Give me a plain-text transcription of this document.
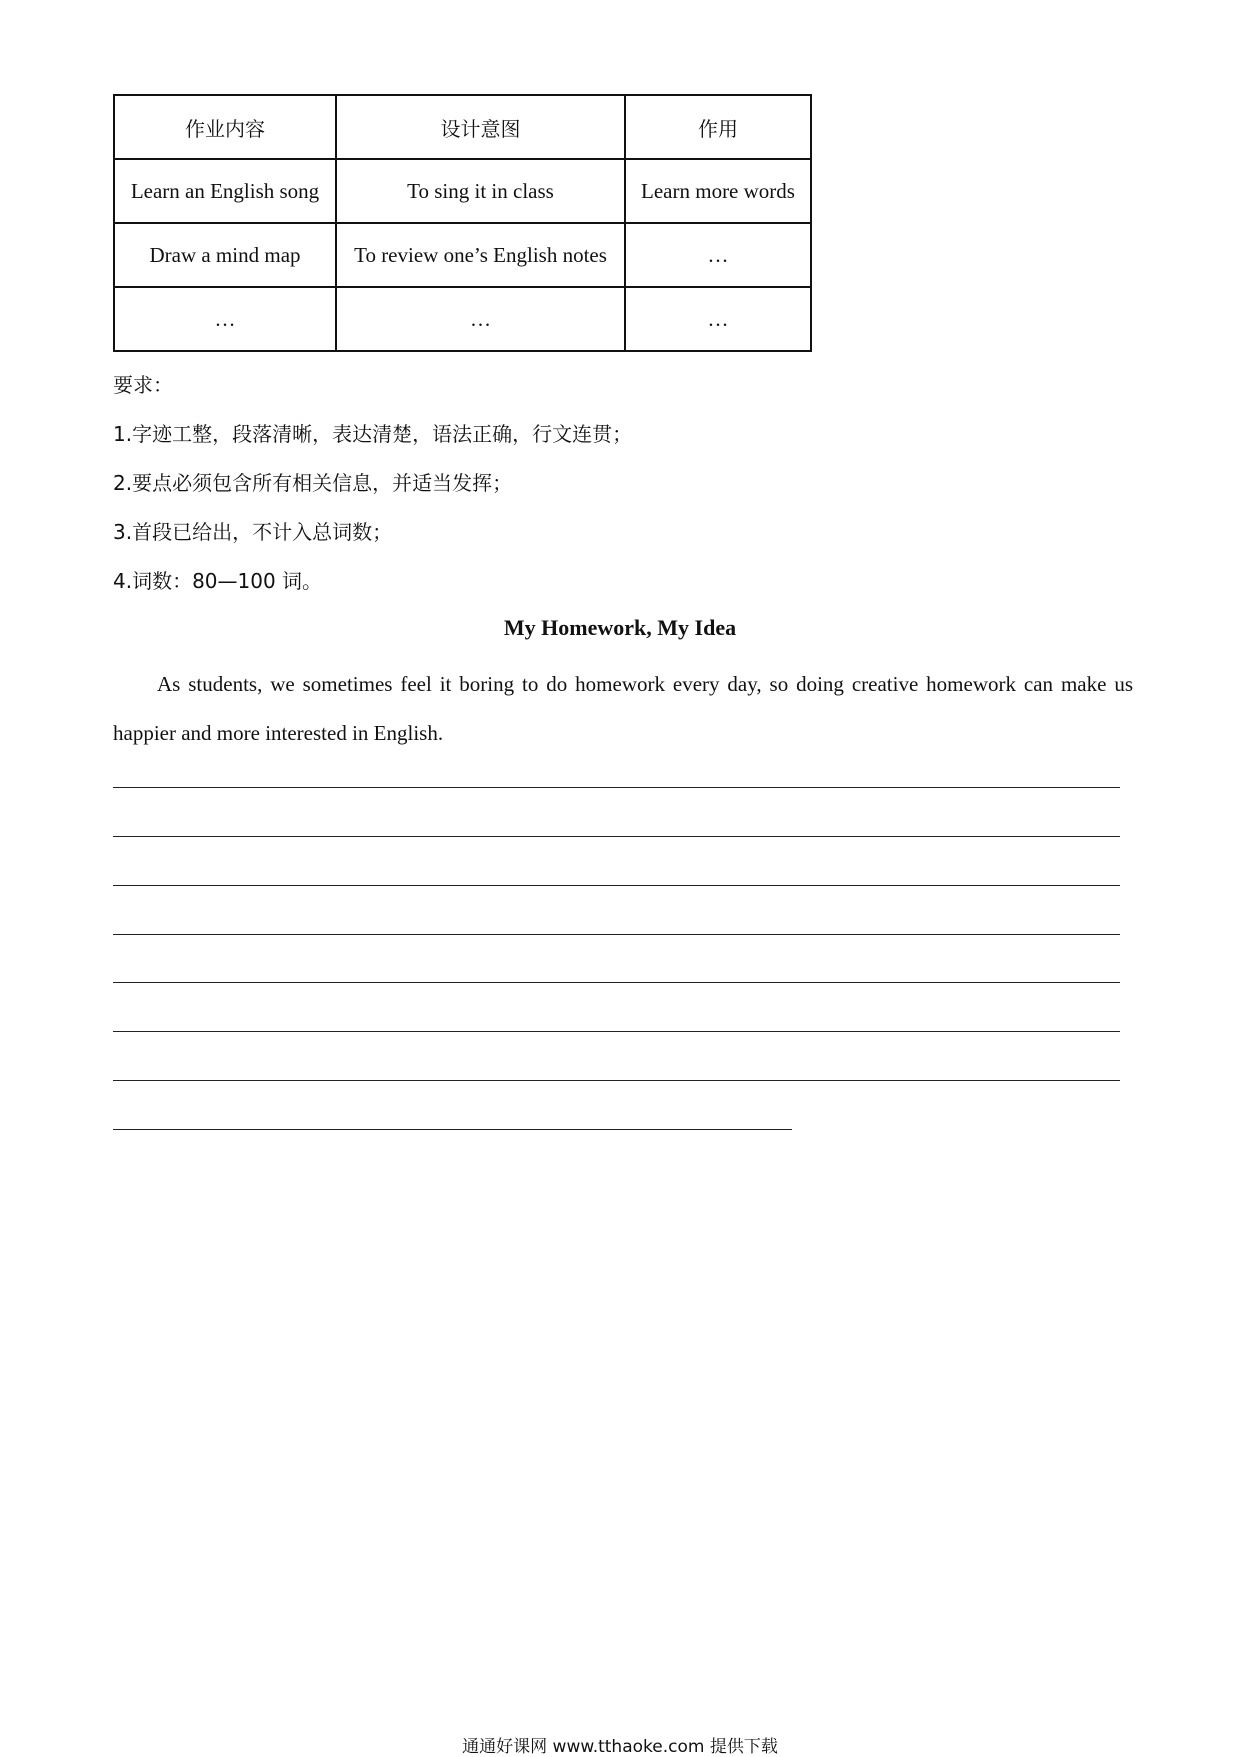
作业内容	设计意图	作用
Learn an English song	To sing it in class	Learn more words
Draw a mind map	To review one’s English notes	…
…	…	…
要求：
1.字迹工整，段落清晰，表达清楚，语法正确，行文连贯；
2.要点必须包含所有相关信息，并适当发挥；
3.首段已给出，不计入总词数；
4.词数：80—100 词。
My Homework, My Idea
As students, we sometimes feel it boring to do homework every day, so doing creative homework can make us happier and more interested in English.
通通好课网 www.tthaoke.com 提供下载
